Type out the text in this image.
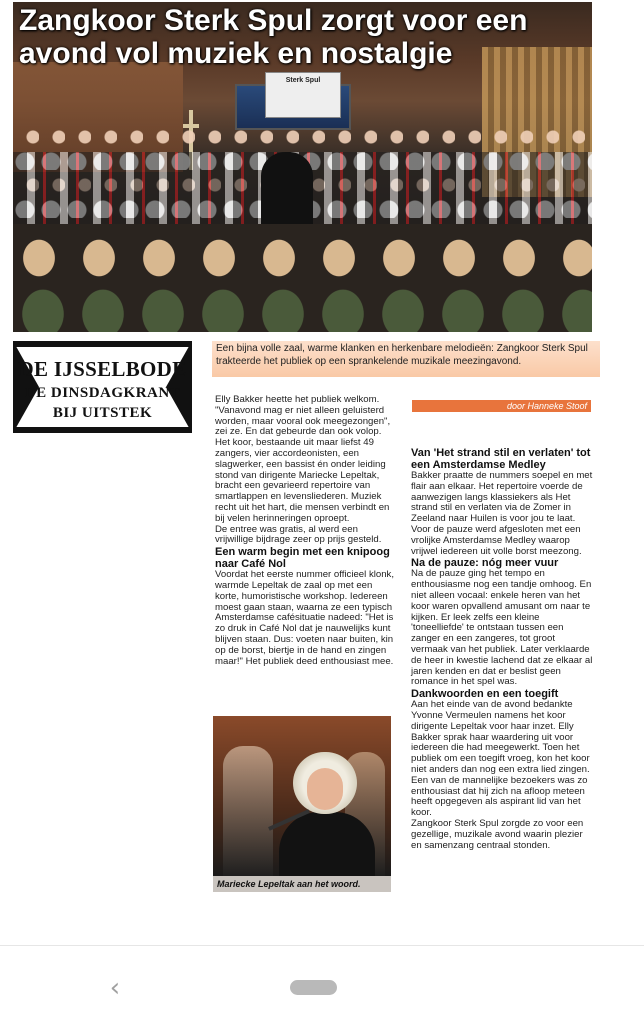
Sterk Spul
Zangkoor Sterk Spul zorgt voor een avond vol muziek en nostalgie
DE IJSSELBODE
DE DINSDAGKRANT
BIJ UITSTEK
Een bijna volle zaal, warme klanken en herkenbare melodieën: Zangkoor Sterk Spul trakteerde het publiek op een sprankelende muzikale meezingavond.

Elly Bakker heette het publiek welkom. "Vanavond mag er niet alleen geluisterd worden, maar vooral ook meegezongen", zei ze. En dat gebeurde dan ook volop.

Het koor, bestaande uit maar liefst 49 zangers, vier accordeonisten, een slagwerker, een bassist én onder leiding stond van dirigente Mariecke Lepeltak, bracht een gevarieerd repertoire van smartlappen en levensliederen. Muziek recht uit het hart, die mensen verbindt en bij velen herinneringen oproept.

De entree was gratis, al werd een vrijwillige bijdrage zeer op prijs gesteld.

Een warm begin met een knipoog naar Café Nol

Voordat het eerste nummer officieel klonk, warmde Lepeltak de zaal op met een korte, humoristische workshop. Iedereen moest gaan staan, waarna ze een typisch Amsterdamse cafésituatie nadeed: "Het is zo druk in Café Nol dat je nauwelijks kunt blijven staan. Dus: voeten naar buiten, kin op de borst, biertje in de hand en zingen maar!" Het publiek deed enthousiast mee.

door Hanneke Stoof
Van 'Het strand stil en verlaten' tot een Amsterdamse Medley

Bakker praatte de nummers soepel en met flair aan elkaar. Het repertoire voerde de aanwezigen langs klassiekers als Het strand stil en verlaten via de Zomer in Zeeland naar Huilen is voor jou te laat.

Voor de pauze werd afgesloten met een vrolijke Amsterdamse Medley waarop vrijwel iedereen uit volle borst meezong.

Na de pauze: nóg meer vuur

Na de pauze ging het tempo en enthousiasme nog een tandje omhoog. En niet alleen vocaal: enkele heren van het koor waren opvallend amusant om naar te kijken. Er leek zelfs een kleine 'toneelliefde' te ontstaan tussen een zanger en een zangeres, tot groot vermaak van het publiek. Later verklaarde de heer in kwestie lachend dat ze elkaar al jaren kenden en dat er beslist geen romance in het spel was.

Dankwoorden en een toegift

Aan het einde van de avond bedankte Yvonne Vermeulen namens het koor dirigente Lepeltak voor haar inzet. Elly Bakker sprak haar waardering uit voor iedereen die had meegewerkt. Toen het publiek om een toegift vroeg, kon het koor niet anders dan nog een extra lied zingen. Een van de mannelijke bezoekers was zo enthousiast dat hij zich na afloop meteen heeft opgegeven als aspirant lid van het koor.

Zangkoor Sterk Spul zorgde zo voor een gezellige, muzikale avond waarin plezier en samenzang centraal stonden.

Mariecke Lepeltak aan het woord.
‹
